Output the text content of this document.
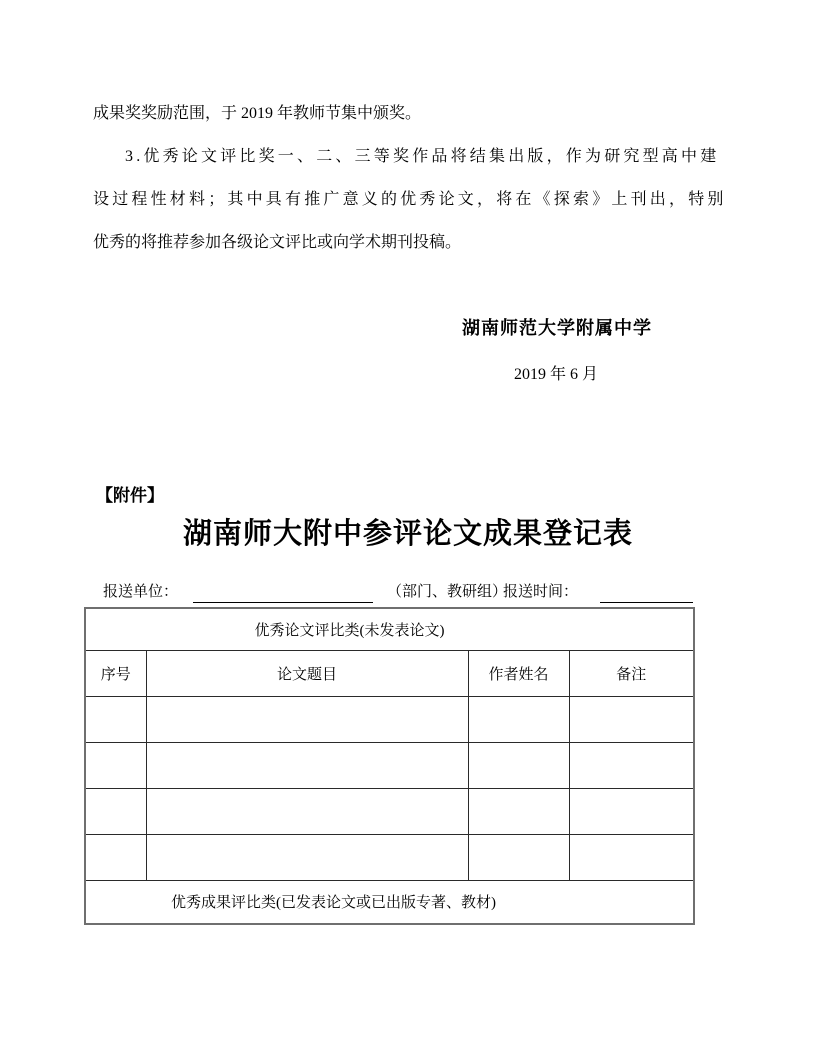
成果奖奖励范围，于 2019 年教师节集中颁奖。
3.优秀论文评比奖一、二、三等奖作品将结集出版，作为研究型高中建
设过程性材料；其中具有推广意义的优秀论文，将在《探索》上刊出，特别
优秀的将推荐参加各级论文评比或向学术期刊投稿。
湖南师范大学附属中学
2019 年 6 月
【附件】
湖南师大附中参评论文成果登记表
报送单位：	（部门、教研组）
报送时间：
优秀论文评比类(未发表论文)			
序号	论文题目	作者姓名	备注

优秀成果评比类(已发表论文或已出版专著、教材)			
